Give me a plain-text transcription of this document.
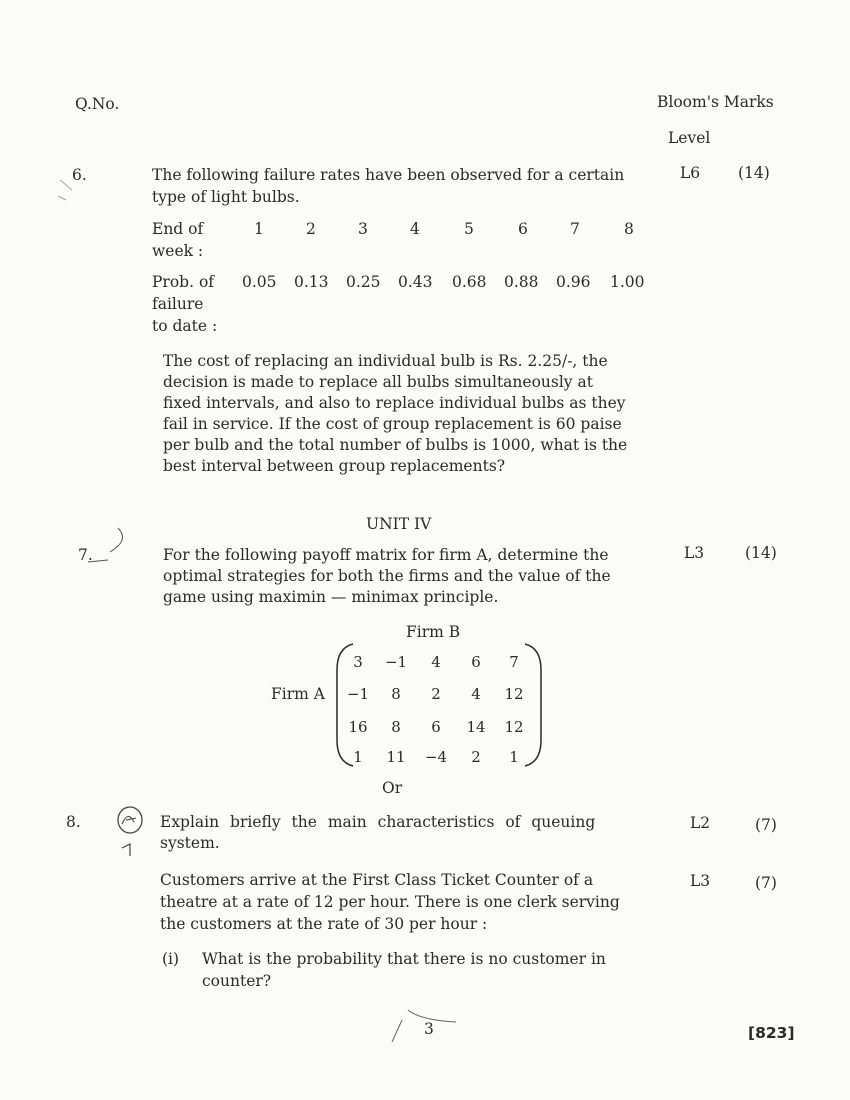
Q.No.	Bloom's Marks
Level
6.	The following failure rates have been observed for a certain
type of light bulbs.
L6 (14)
End of
week :
1	2	3	4	5	6	7	8
Prob. of
failure
to date :
0.05 0.13 0.25 0.43 0.68 0.88 0.96 1.00
The cost of replacing an individual bulb is Rs. 2.25/-, the
decision is made to replace all bulbs simultaneously at
fixed intervals, and also to replace individual bulbs as they
fail in service. If the cost of group replacement is 60 paise
per bulb and the total number of bulbs is 1000, what is the
best interval between group replacements?
UNIT IV
7.	For the following payoff matrix for firm A, determine the
optimal strategies for both the firms and the value of the
game using maximin — minimax principle.
L3	(14)
Firm B
Firm A
3	−1	4	6	7
−1	8	2	4	12
16	8	6	14	12
1	11	−4	2	1
Or
8.	Explain briefly the main characteristics of queuing
system.
L2	(7)
Customers arrive at the First Class Ticket Counter of a
theatre at a rate of 12 per hour. There is one clerk serving
the customers at the rate of 30 per hour :
L3	(7)
(i) What is the probability that there is no customer in
counter?
3	[823]
